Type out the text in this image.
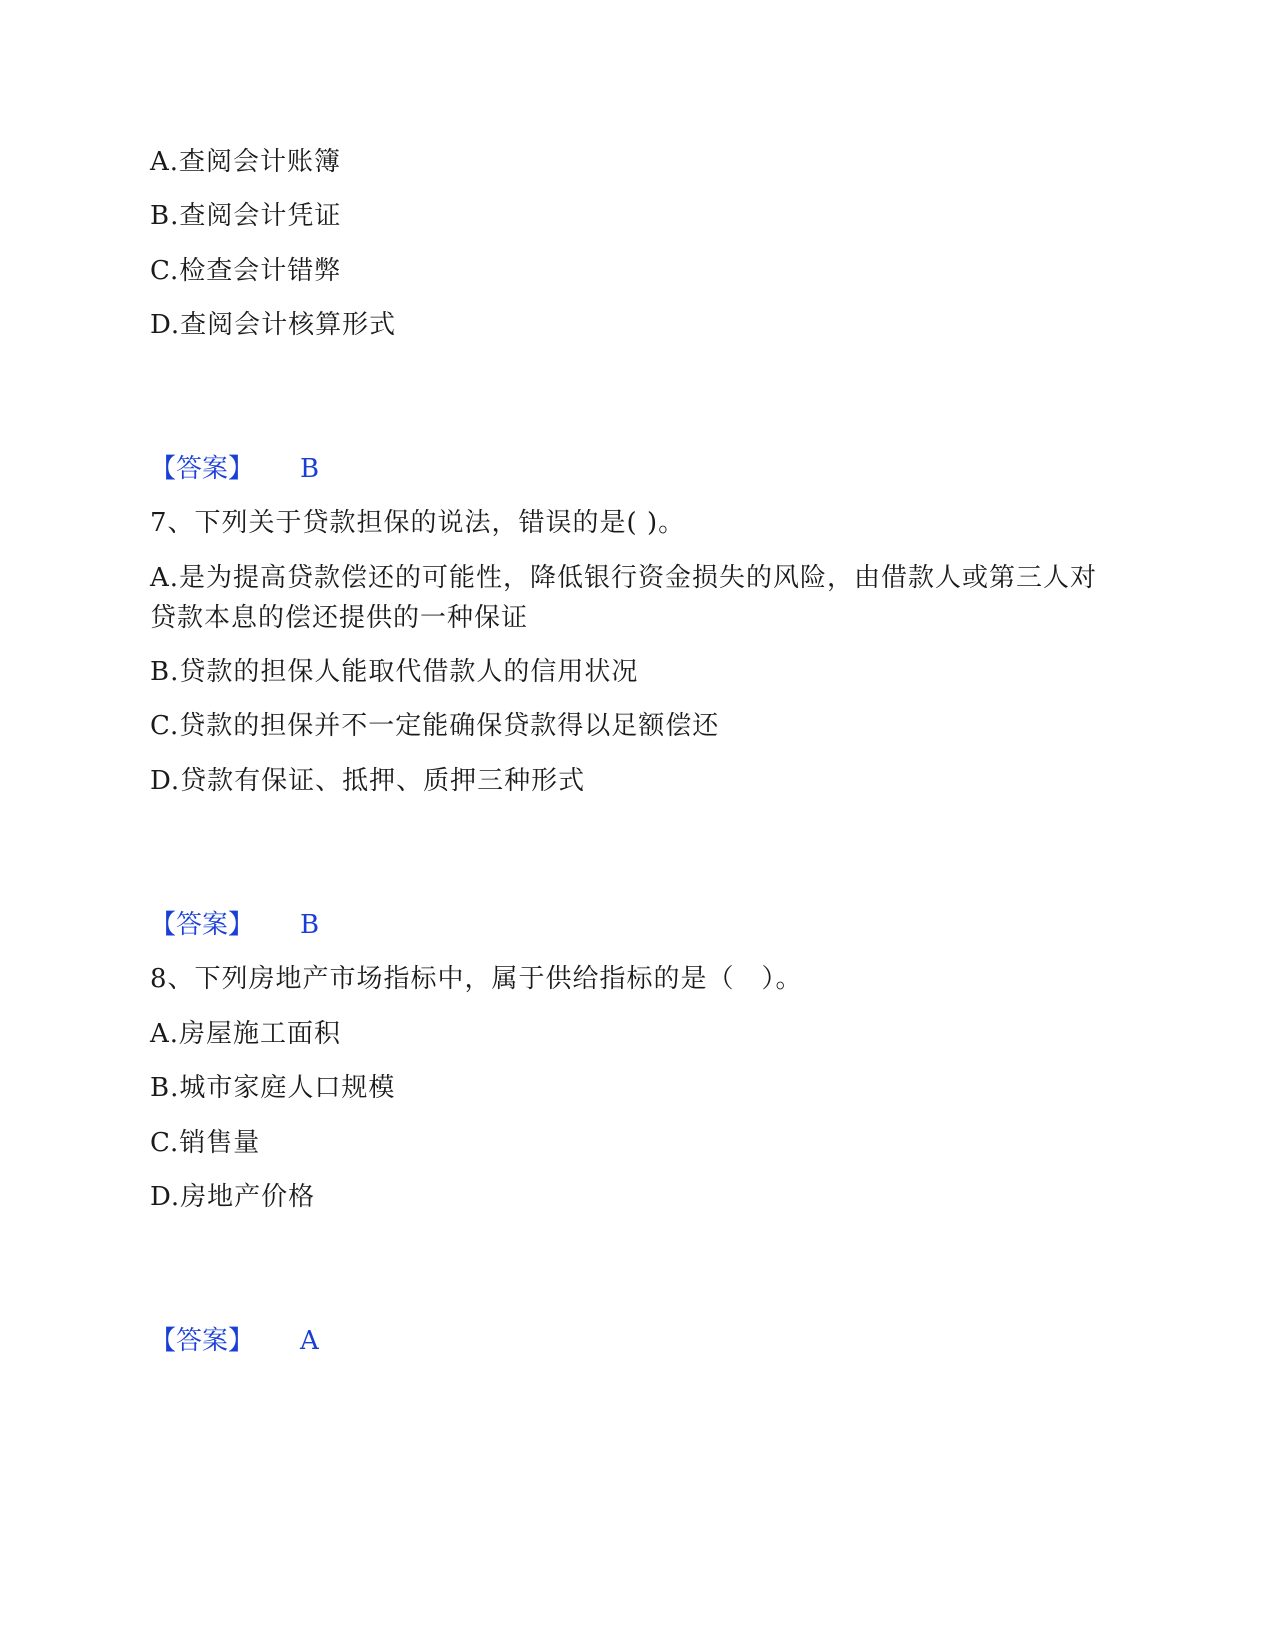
A.查阅会计账簿
B.查阅会计凭证
C.检查会计错弊
D.查阅会计核算形式
【答案】 B
7、下列关于贷款担保的说法，错误的是( )。
A.是为提高贷款偿还的可能性，降低银行资金损失的风险，由借款人或第三人对贷款本息的偿还提供的一种保证
B.贷款的担保人能取代借款人的信用状况
C.贷款的担保并不一定能确保贷款得以足额偿还
D.贷款有保证、抵押、质押三种形式
【答案】 B
8、下列房地产市场指标中，属于供给指标的是（　）。
A.房屋施工面积
B.城市家庭人口规模
C.销售量
D.房地产价格
【答案】 A
